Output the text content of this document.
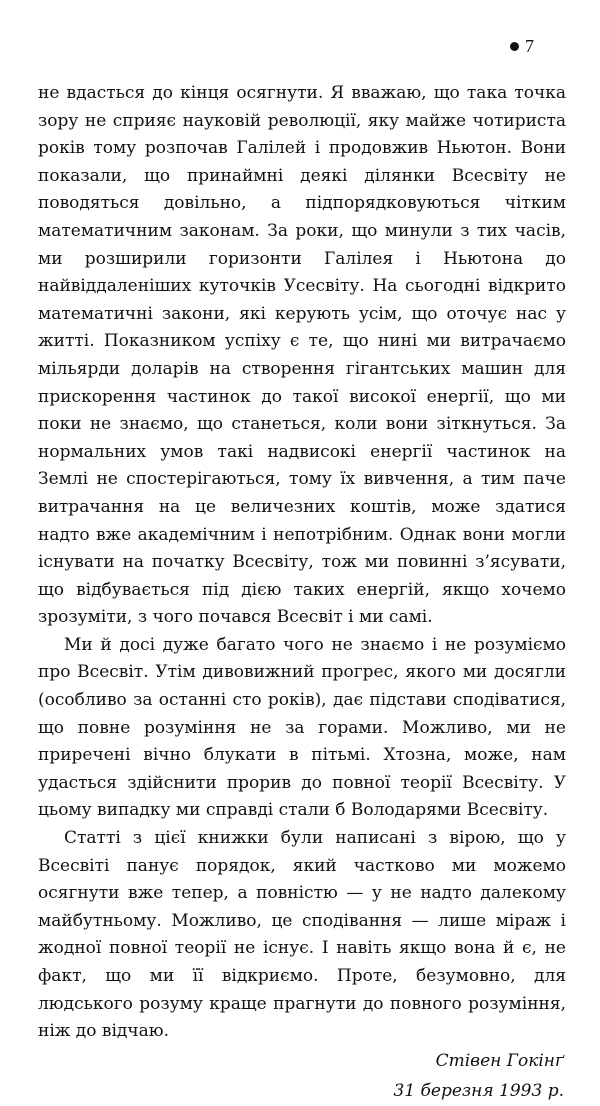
7

не вдасться до кінця осягнути. Я вважаю, що така точка зору не сприяє науковій революції, яку майже чотириста років тому розпочав Галілей і продовжив Ньютон. Вони показали, що принаймні деякі ділянки Всесвіту не поводяться довільно, а підпорядковуються чітким математичним законам. За роки, що минули з тих часів, ми розширили горизонти Галілея і Ньютона до найвіддаленіших куточків Усесвіту. На сьогодні відкрито математичні закони, які керують усім, що оточує нас у житті. Показником успіху є те, що нині ми витрачаємо мільярди доларів на створення гігантських машин для прискорення частинок до такої високої енергії, що ми поки не знаємо, що станеться, коли вони зіткнуться. За нормальних умов такі надвисокі енергії частинок на Землі не спостерігаються, тому їх вивчення, а тим паче витрачання на це величезних коштів, може здатися надто вже академічним і непотрібним. Однак вони могли існувати на початку Всесвіту, тож ми повинні з’ясувати, що відбувається під дією таких енергій, якщо хочемо зрозуміти, з чого почався Всесвіт і ми самі.

Ми й досі дуже багато чого не знаємо і не розуміємо про Всесвіт. Утім дивовижний прогрес, якого ми досягли (особливо за останні сто років), дає підстави сподіватися, що повне розуміння не за горами. Можливо, ми не приречені вічно блукати в пітьмі. Хтозна, може, нам удасться здійснити прорив до повної теорії Всесвіту. У цьому випадку ми справді стали б Володарями Всесвіту.

Статті з цієї книжки були написані з вірою, що у Всесвіті панує порядок, який частково ми можемо осягнути вже тепер, а повністю — у не надто далекому майбутньому. Можливо, це сподівання — лише міраж і жодної повної теорії не існує. І навіть якщо вона й є, не факт, що ми її відкриємо. Проте, безумовно, для людського розуму краще прагнути до повного розуміння, ніж до відчаю.

Стівен Гокінґ
31 березня 1993 р.
